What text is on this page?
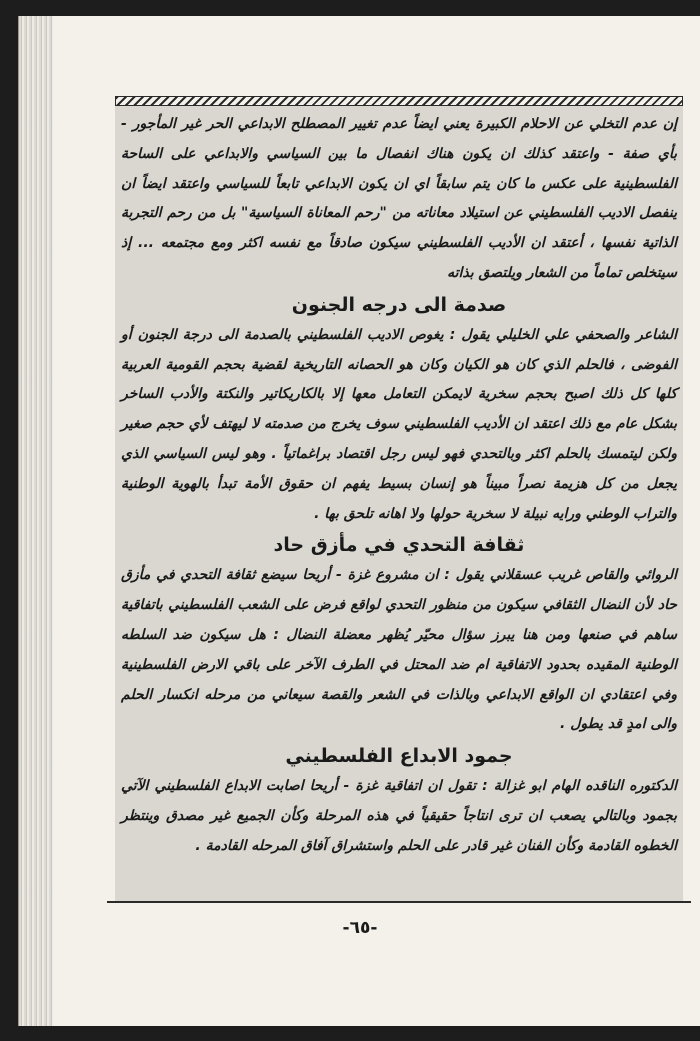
إن عدم التخلي عن الاحلام الكبيرة يعني ايضاً عدم تغيير المصطلح الابداعي الحر غير المأجور - بأي صفة - واعتقد كذلك ان يكون هناك انفصال ما بين السياسي والابداعي على الساحة الفلسطينية على عكس ما كان يتم سابقاً اي ان يكون الابداعي تابعاً للسياسي واعتقد ايضاً ان ينفصل الاديب الفلسطيني عن استيلاد معاناته من "رحم المعاناة السياسية" بل من رحم التجربة الذاتية نفسها ، أعتقد ان الأديب الفلسطيني سيكون صادقاً مع نفسه اكثر ومع مجتمعه ... إذ سيتخلص تماماً من الشعار ويلتصق بذاته

صدمة الى درجه الجنون

الشاعر والصحفي علي الخليلي يقول : يغوص الاديب الفلسطيني بالصدمة الى درجة الجنون أو الفوضى ، فالحلم الذي كان هو الكيان وكان هو الحصانه التاريخية لقضية بحجم القومية العربية كلها كل ذلك اصبح بحجم سخرية لايمكن التعامل معها إلا بالكاريكاتير والنكتة والأدب الساخر بشكل عام مع ذلك اعتقد ان الأديب الفلسطيني سوف يخرج من صدمته لا ليهتف لأي حجم صغير ولكن ليتمسك بالحلم اكثر وبالتحدي فهو ليس رجل اقتصاد براغماتياً . وهو ليس السياسي الذي يجعل من كل هزيمة نصراً مبيناً هو إنسان بسيط يفهم ان حقوق الأمة تبدأ بالهوية الوطنية والتراب الوطني ورايه نبيلة لا سخرية حولها ولا اهانه تلحق بها .

ثقافة التحدي في مأزق حاد

الروائي والقاص غريب عسقلاني يقول : ان مشروع غزة - أريحا سيضع ثقافة التحدي في مأزق حاد لأن النضال الثقافي سيكون من منظور التحدي لواقع فرض على الشعب الفلسطيني باتفاقية ساهم في صنعها ومن هنا يبرز سؤال محيّر يُظهر معضلة النضال : هل سيكون ضد السلطه الوطنية المقيده بحدود الاتفاقية ام ضد المحتل في الطرف الآخر على باقي الارض الفلسطينية وفي اعتقادي ان الواقع الابداعي وبالذات في الشعر والقصة سيعاني من مرحله انكسار الحلم والى امدٍ قد يطول .

جمود الابداع الفلسطيني

الدكتوره الناقده الهام ابو غزالة : تقول ان اتفاقية غزة - أريحا اصابت الابداع الفلسطيني الآتي بجمود وبالتالي يصعب ان ترى انتاجاً حقيقياً في هذه المرحلة وكأن الجميع غير مصدق وينتظر الخطوه القادمة وكأن الفنان غير قادر على الحلم واستشراق آفاق المرحله القادمة .

-٦٥-
